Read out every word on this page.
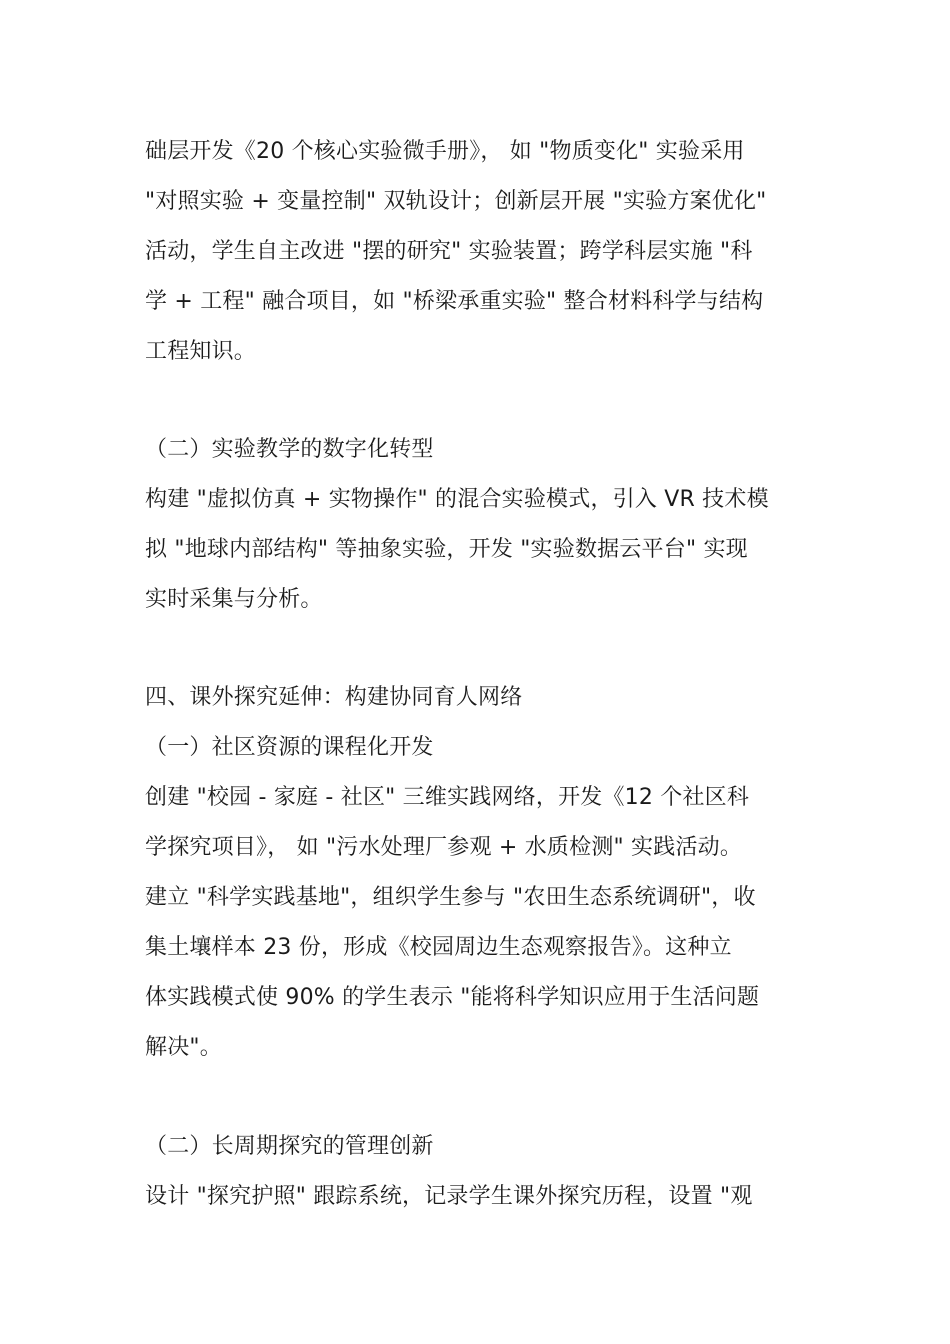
础层开发《20 个核心实验微手册》， 如 "物质变化" 实验采用
"对照实验 + 变量控制" 双轨设计；创新层开展 "实验方案优化"
活动，学生自主改进 "摆的研究" 实验装置；跨学科层实施 "科
学 + 工程" 融合项目，如 "桥梁承重实验" 整合材料科学与结构
工程知识。
（二）实验教学的数字化转型
构建 "虚拟仿真 + 实物操作" 的混合实验模式，引入 VR 技术模
拟 "地球内部结构" 等抽象实验，开发 "实验数据云平台" 实现
实时采集与分析。
四、课外探究延伸：构建协同育人网络
（一）社区资源的课程化开发
创建 "校园 - 家庭 - 社区" 三维实践网络，开发《12 个社区科
学探究项目》， 如 "污水处理厂参观 + 水质检测" 实践活动。
建立 "科学实践基地"，组织学生参与 "农田生态系统调研"，收
集土壤样本 23 份，形成《校园周边生态观察报告》。这种立
体实践模式使 90% 的学生表示 "能将科学知识应用于生活问题
解决"。
（二）长周期探究的管理创新
设计 "探究护照" 跟踪系统，记录学生课外探究历程，设置 "观
